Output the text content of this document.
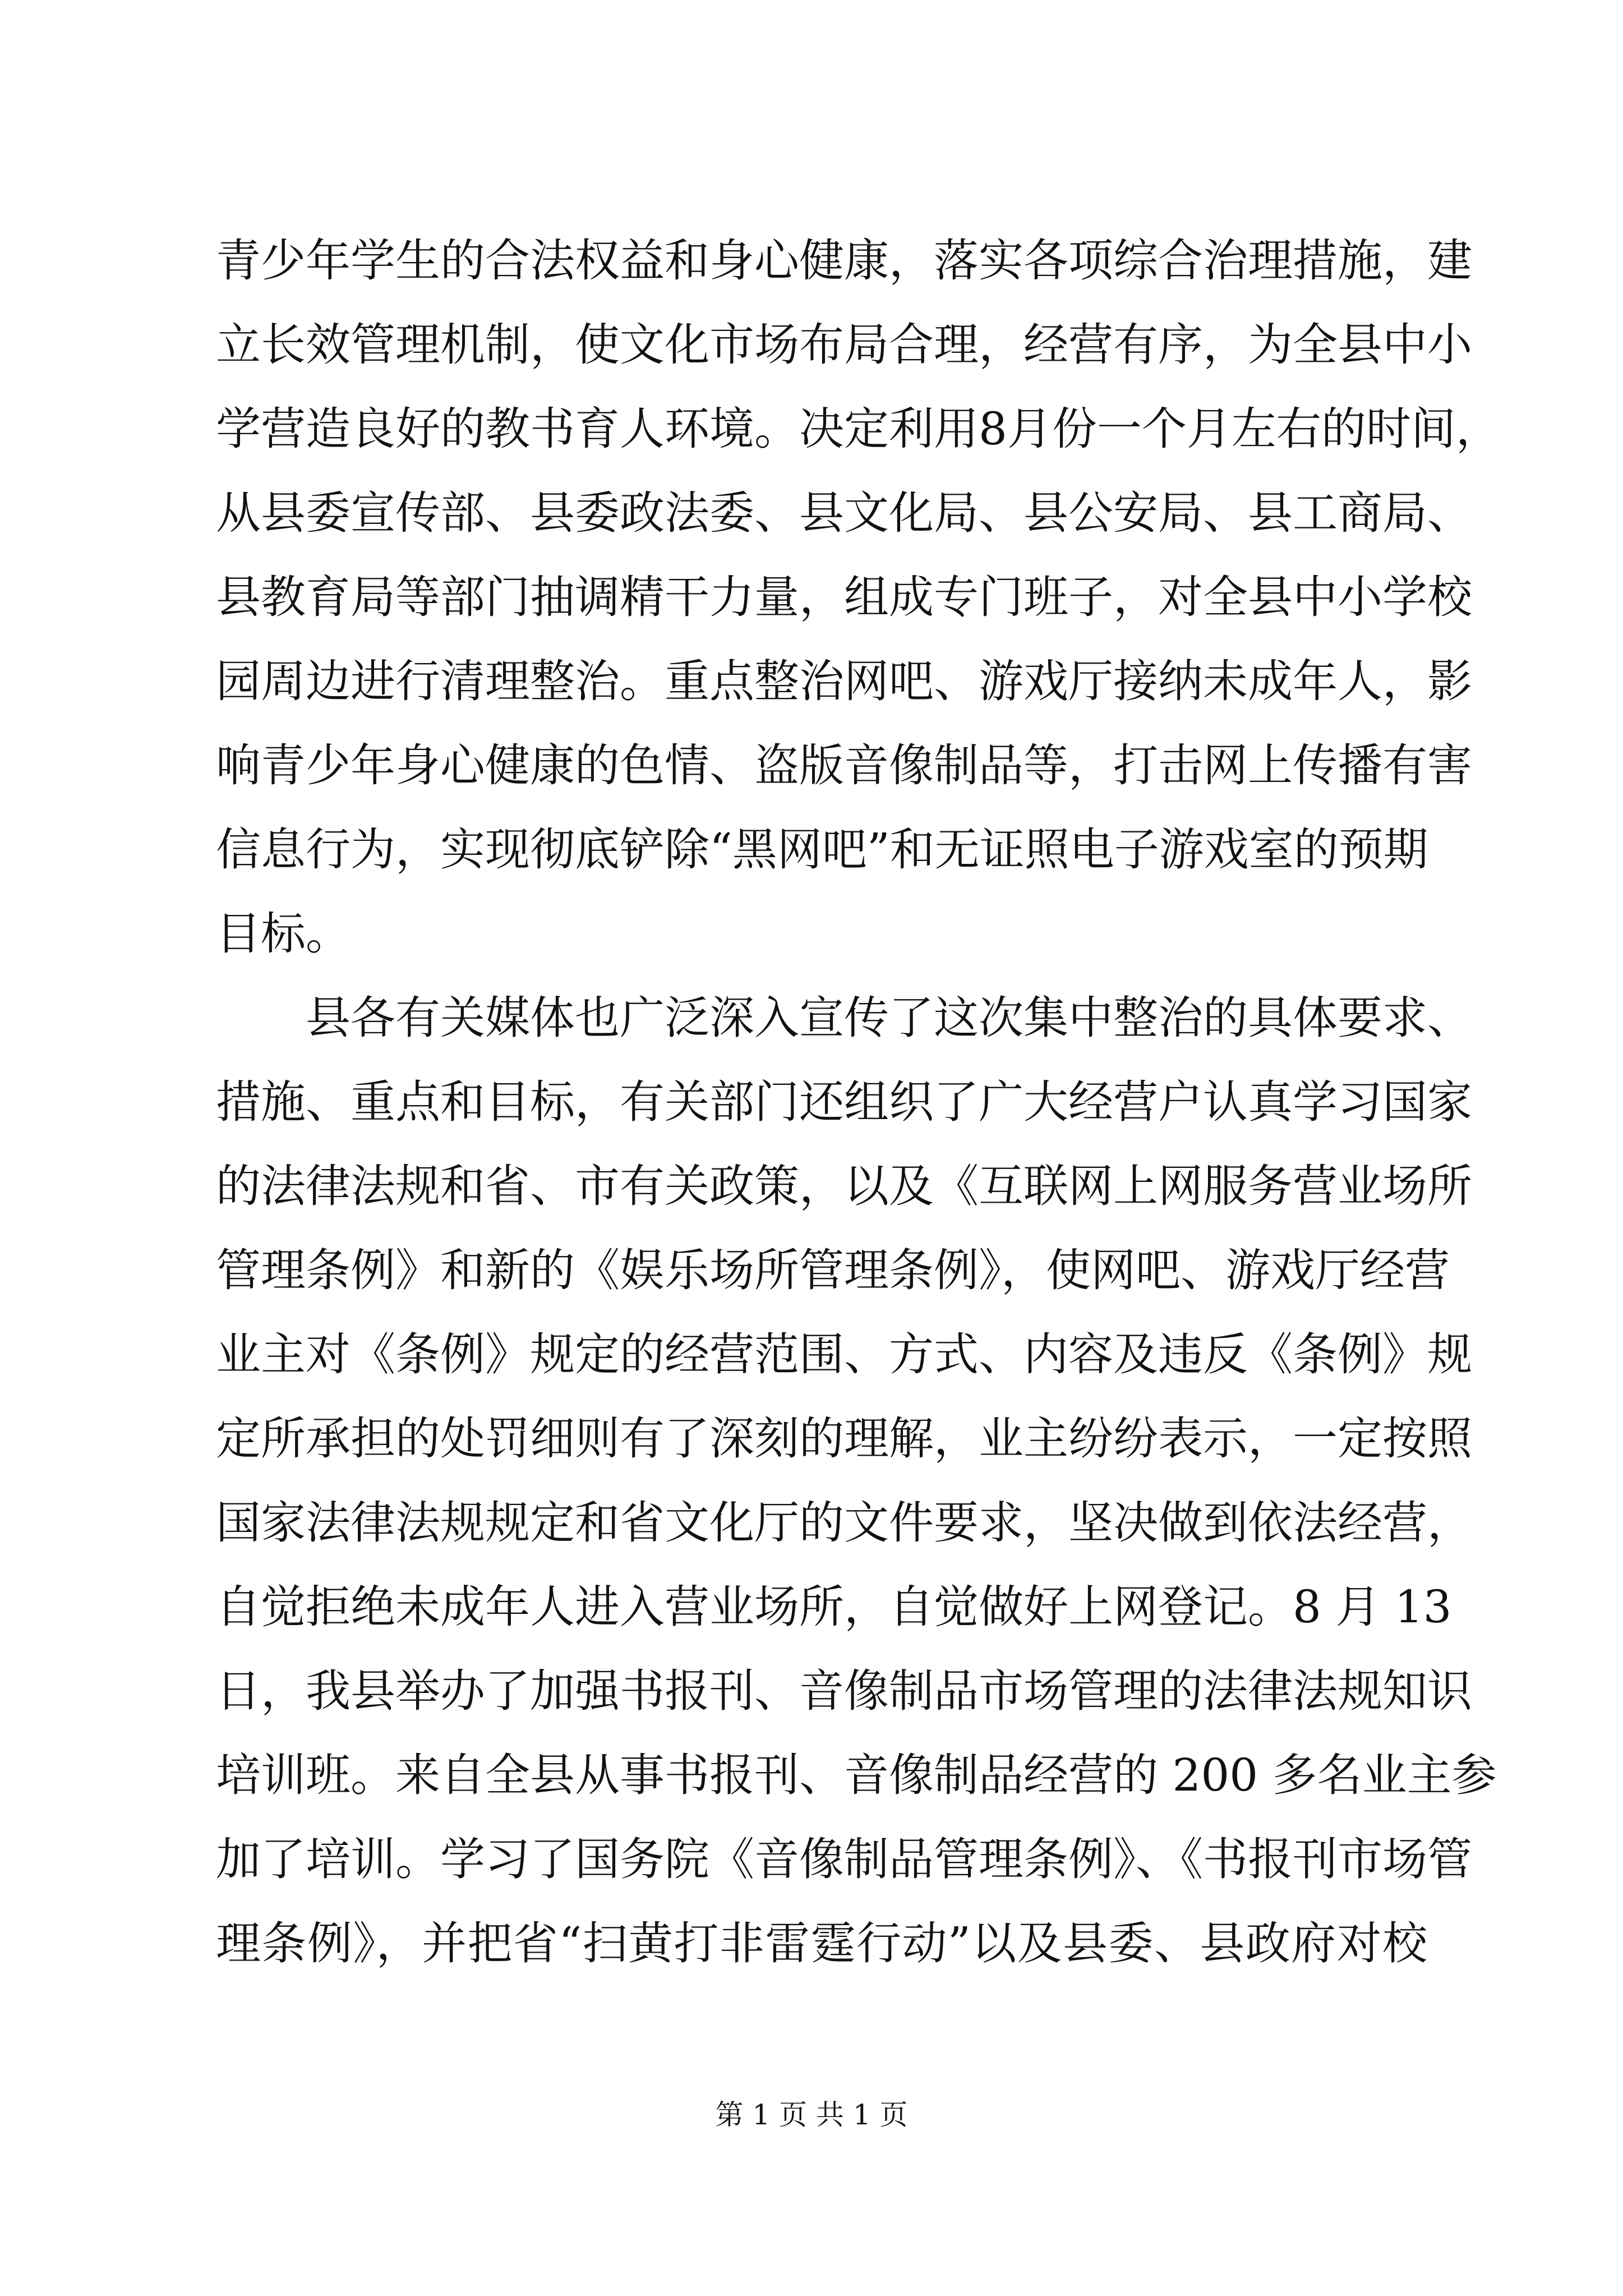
青少年学生的合法权益和身心健康，落实各项综合治理措施，建
立长效管理机制，使文化市场布局合理，经营有序，为全县中小
学营造良好的教书育人环境。决定利用8月份一个月左右的时间，
从县委宣传部、县委政法委、县文化局、县公安局、县工商局、
县教育局等部门抽调精干力量，组成专门班子，对全县中小学校
园周边进行清理整治。重点整治网吧、游戏厅接纳未成年人，影
响青少年身心健康的色情、盗版音像制品等，打击网上传播有害
信息行为，实现彻底铲除“黑网吧”和无证照电子游戏室的预期
目标。
县各有关媒体也广泛深入宣传了这次集中整治的具体要求、
措施、重点和目标，有关部门还组织了广大经营户认真学习国家
的法律法规和省、市有关政策，以及《互联网上网服务营业场所
管理条例》和新的《娱乐场所管理条例》，使网吧、游戏厅经营
业主对《条例》规定的经营范围、方式、内容及违反《条例》规
定所承担的处罚细则有了深刻的理解，业主纷纷表示，一定按照
国家法律法规规定和省文化厅的文件要求，坚决做到依法经营，
自觉拒绝未成年人进入营业场所，自觉做好上网登记。8 月 13
日，我县举办了加强书报刊、音像制品市场管理的法律法规知识
培训班。来自全县从事书报刊、音像制品经营的 200 多名业主参
加了培训。学习了国务院《音像制品管理条例》、《书报刊市场管
理条例》，并把省“扫黄打非雷霆行动”以及县委、县政府对校
第 1 页 共 1 页
